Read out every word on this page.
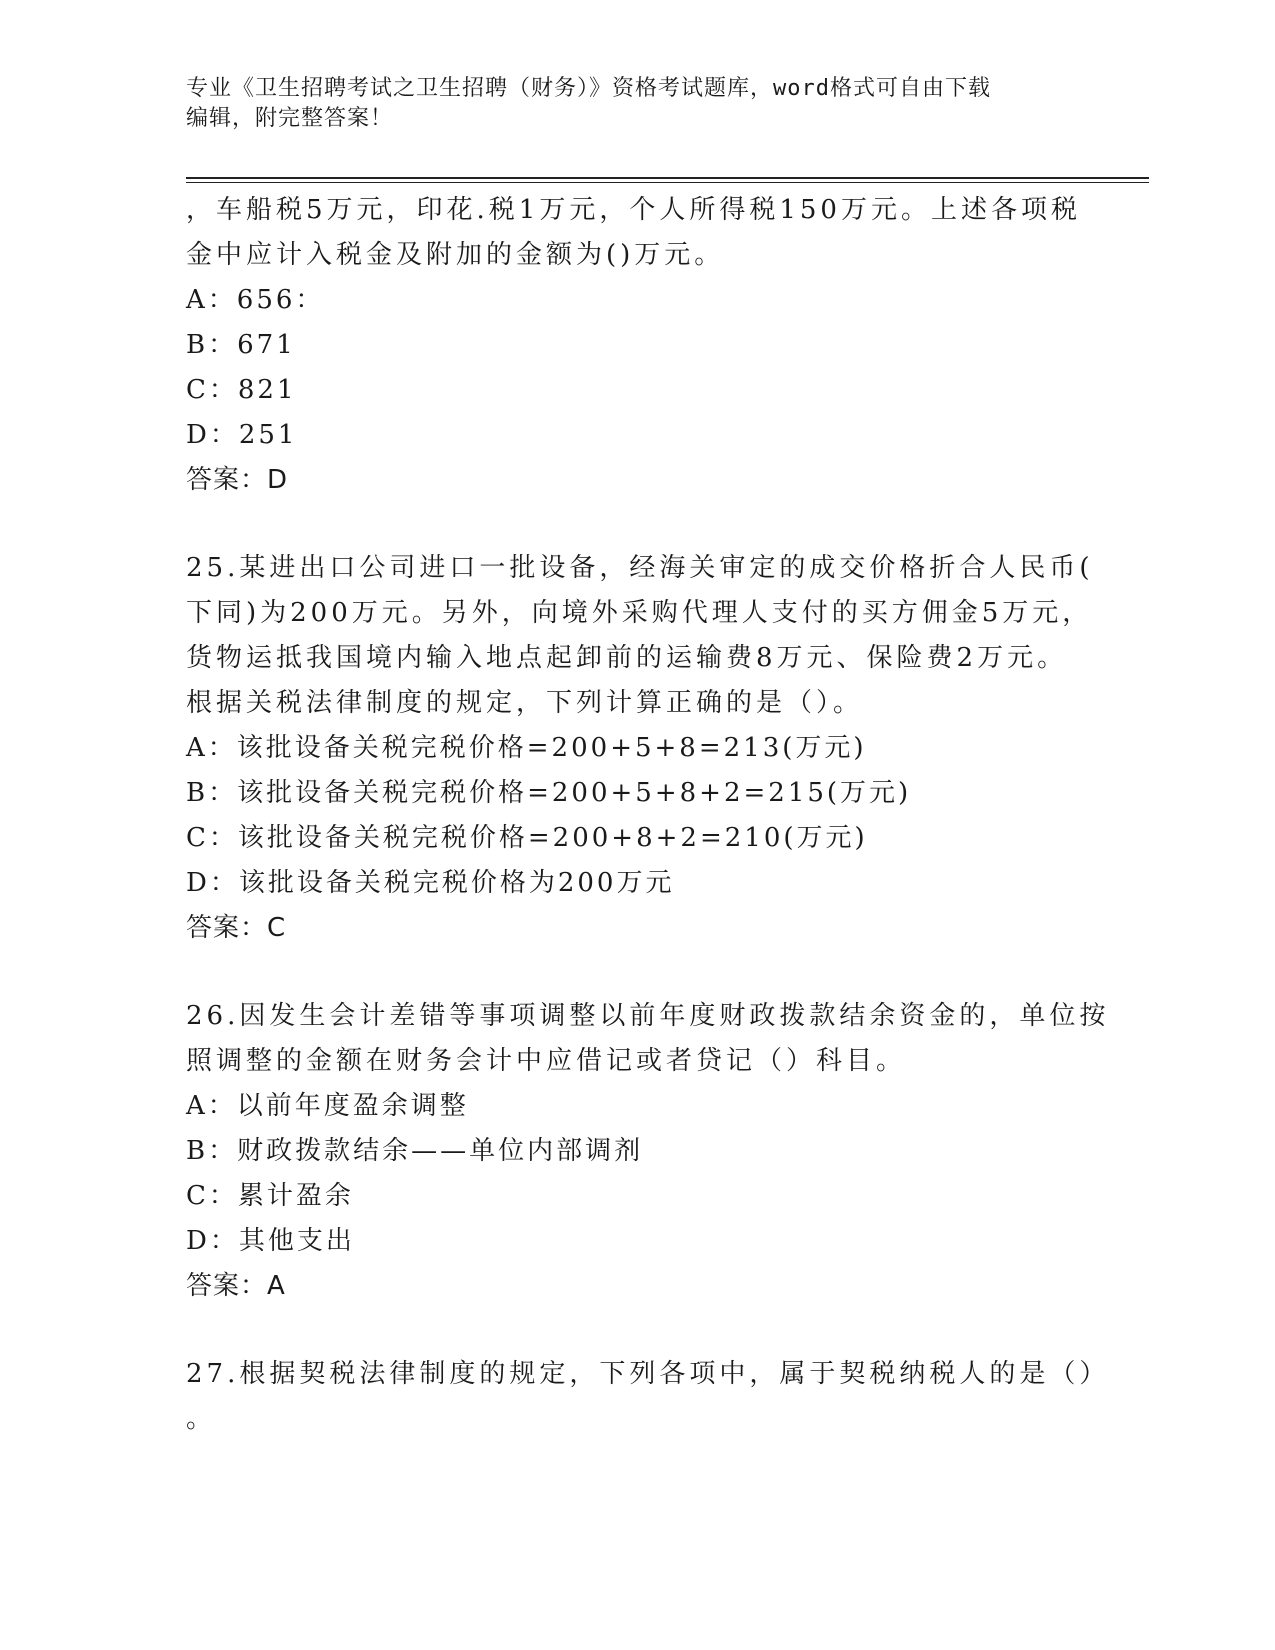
专业《卫生招聘考试之卫生招聘（财务）》资格考试题库，word格式可自由下载
编辑，附完整答案！
，车船税5万元，印花.税1万元，个人所得税150万元。上述各项税
金中应计入税金及附加的金额为()万元。
A：656：
B：671
C：821
D：251
答案：D
25.某进出口公司进口一批设备，经海关审定的成交价格折合人民币(
下同)为200万元。另外，向境外采购代理人支付的买方佣金5万元，
货物运抵我国境内输入地点起卸前的运输费8万元、保险费2万元。
根据关税法律制度的规定，下列计算正确的是（）。
A：该批设备关税完税价格=200+5+8=213(万元)
B：该批设备关税完税价格=200+5+8+2=215(万元)
C：该批设备关税完税价格=200+8+2=210(万元)
D：该批设备关税完税价格为200万元
答案：C
26.因发生会计差错等事项调整以前年度财政拨款结余资金的，单位按
照调整的金额在财务会计中应借记或者贷记（）科目。
A：以前年度盈余调整
B：财政拨款结余——单位内部调剂
C：累计盈余
D：其他支出
答案：A
27.根据契税法律制度的规定，下列各项中，属于契税纳税人的是（）
。
